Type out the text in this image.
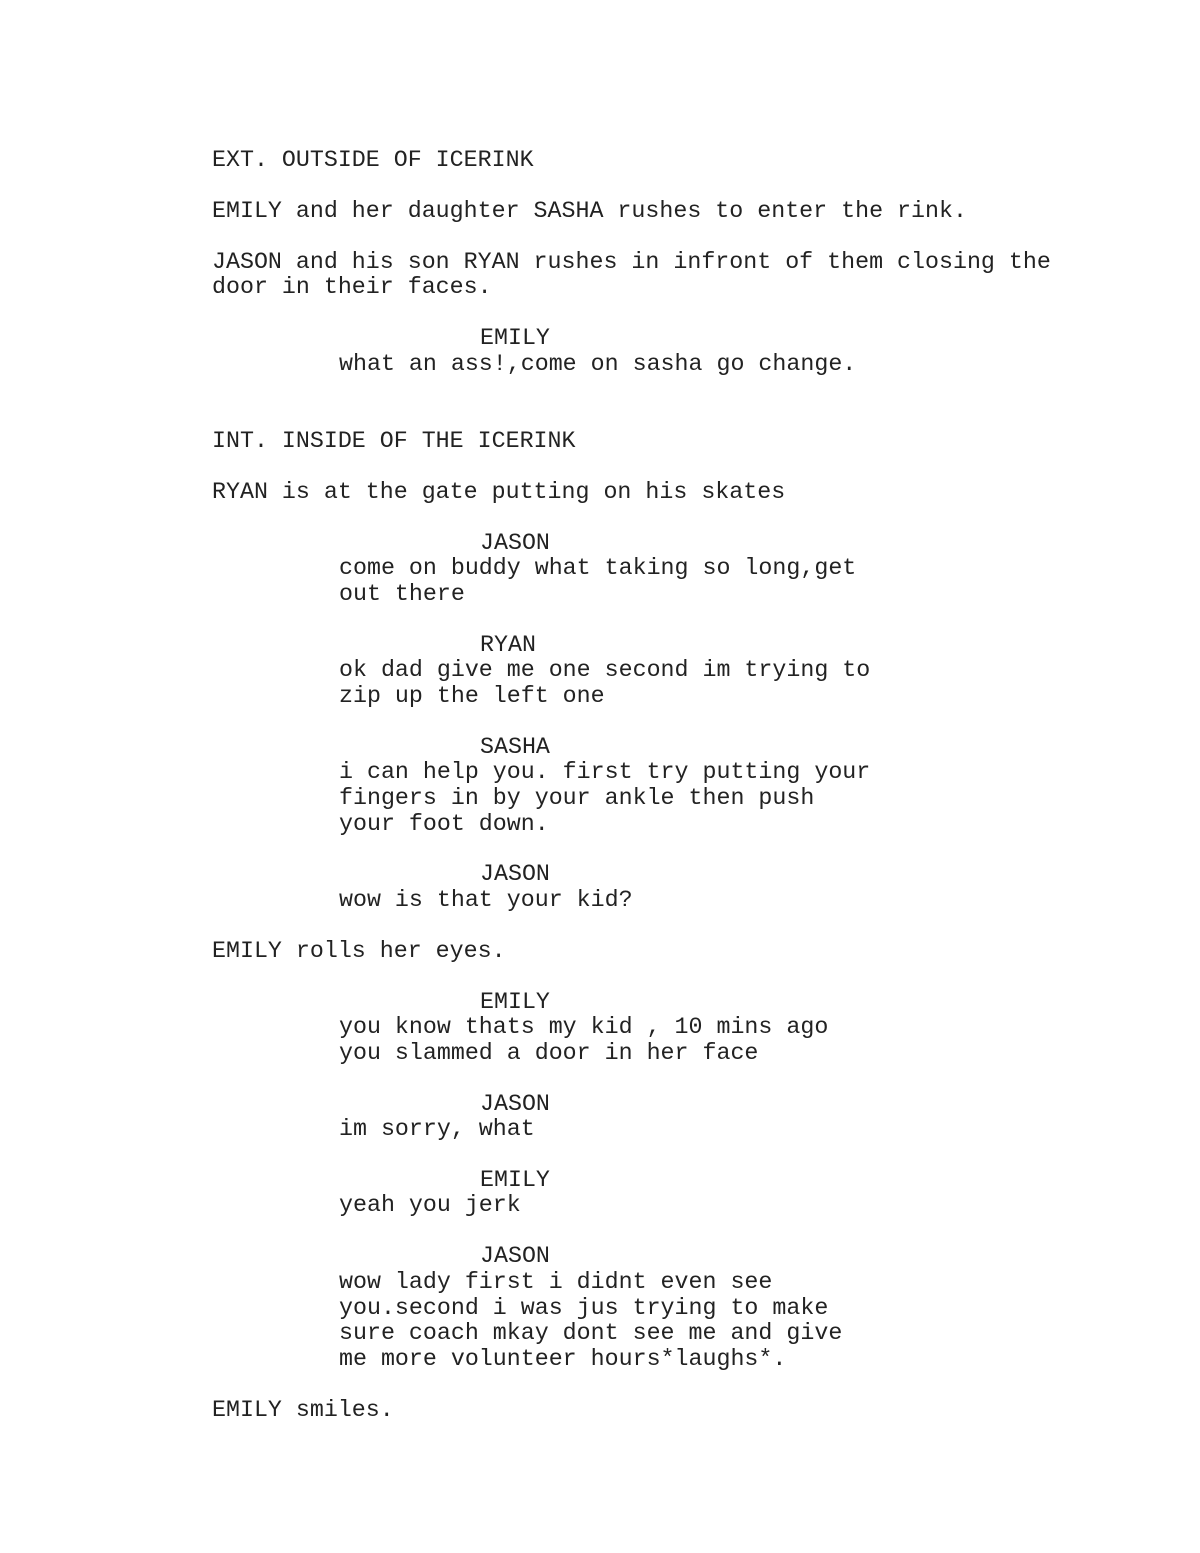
EXT. OUTSIDE OF ICERINK
EMILY and her daughter SASHA rushes to enter the rink.
JASON and his son RYAN rushes in infront of them closing the
door in their faces.
EMILY
what an ass!,come on sasha go change.
INT. INSIDE OF THE ICERINK
RYAN is at the gate putting on his skates
JASON
come on buddy what taking so long,get
out there
RYAN
ok dad give me one second im trying to
zip up the left one
SASHA
i can help you. first try putting your
fingers in by your ankle then push
your foot down.
JASON
wow is that your kid?
EMILY rolls her eyes.
EMILY
you know thats my kid , 10 mins ago
you slammed a door in her face
JASON
im sorry, what
EMILY
yeah you jerk
JASON
wow lady first i didnt even see
you.second i was jus trying to make
sure coach mkay dont see me and give
me more volunteer hours*laughs*.
EMILY smiles.
